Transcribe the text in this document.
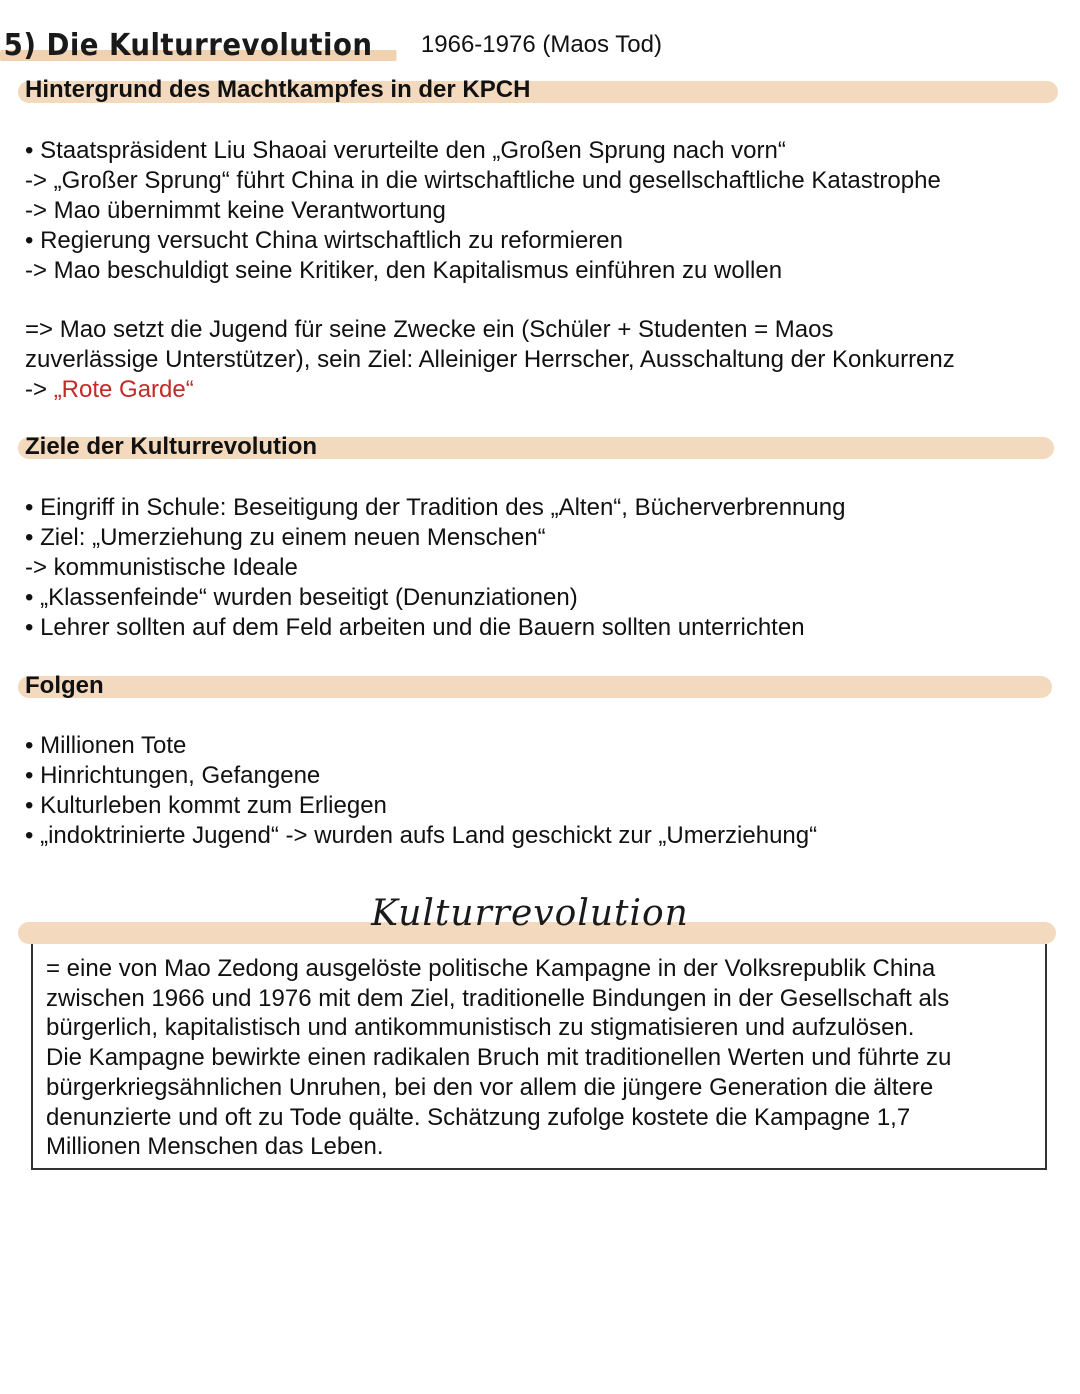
5) Die Kulturrevolution 1966-1976 (Maos Tod)
Hintergrund des Machtkampfes in der KPCH
• Staatspräsident Liu Shaoai verurteilte den „Großen Sprung nach vorn“
-> „Großer Sprung“ führt China in die wirtschaftliche und gesellschaftliche Katastrophe
-> Mao übernimmt keine Verantwortung
• Regierung versucht China wirtschaftlich zu reformieren
-> Mao beschuldigt seine Kritiker, den Kapitalismus einführen zu wollen
=> Mao setzt die Jugend für seine Zwecke ein (Schüler + Studenten = Maos
zuverlässige Unterstützer), sein Ziel: Alleiniger Herrscher, Ausschaltung der Konkurrenz
-> „Rote Garde“
Ziele der Kulturrevolution
• Eingriff in Schule: Beseitigung der Tradition des „Alten“, Bücherverbrennung
• Ziel: „Umerziehung zu einem neuen Menschen“
-> kommunistische Ideale
• „Klassenfeinde“ wurden beseitigt (Denunziationen)
• Lehrer sollten auf dem Feld arbeiten und die Bauern sollten unterrichten
Folgen
• Millionen Tote
• Hinrichtungen, Gefangene
• Kulturleben kommt zum Erliegen
• „indoktrinierte Jugend“ -> wurden aufs Land geschickt zur „Umerziehung“
Kulturrevolution
= eine von Mao Zedong ausgelöste politische Kampagne in der Volksrepublik China
zwischen 1966 und 1976 mit dem Ziel, traditionelle Bindungen in der Gesellschaft als
bürgerlich, kapitalistisch und antikommunistisch zu stigmatisieren und aufzulösen.
Die Kampagne bewirkte einen radikalen Bruch mit traditionellen Werten und führte zu
bürgerkriegsähnlichen Unruhen, bei den vor allem die jüngere Generation die ältere
denunzierte und oft zu Tode quälte. Schätzung zufolge kostete die Kampagne 1,7
Millionen Menschen das Leben.
